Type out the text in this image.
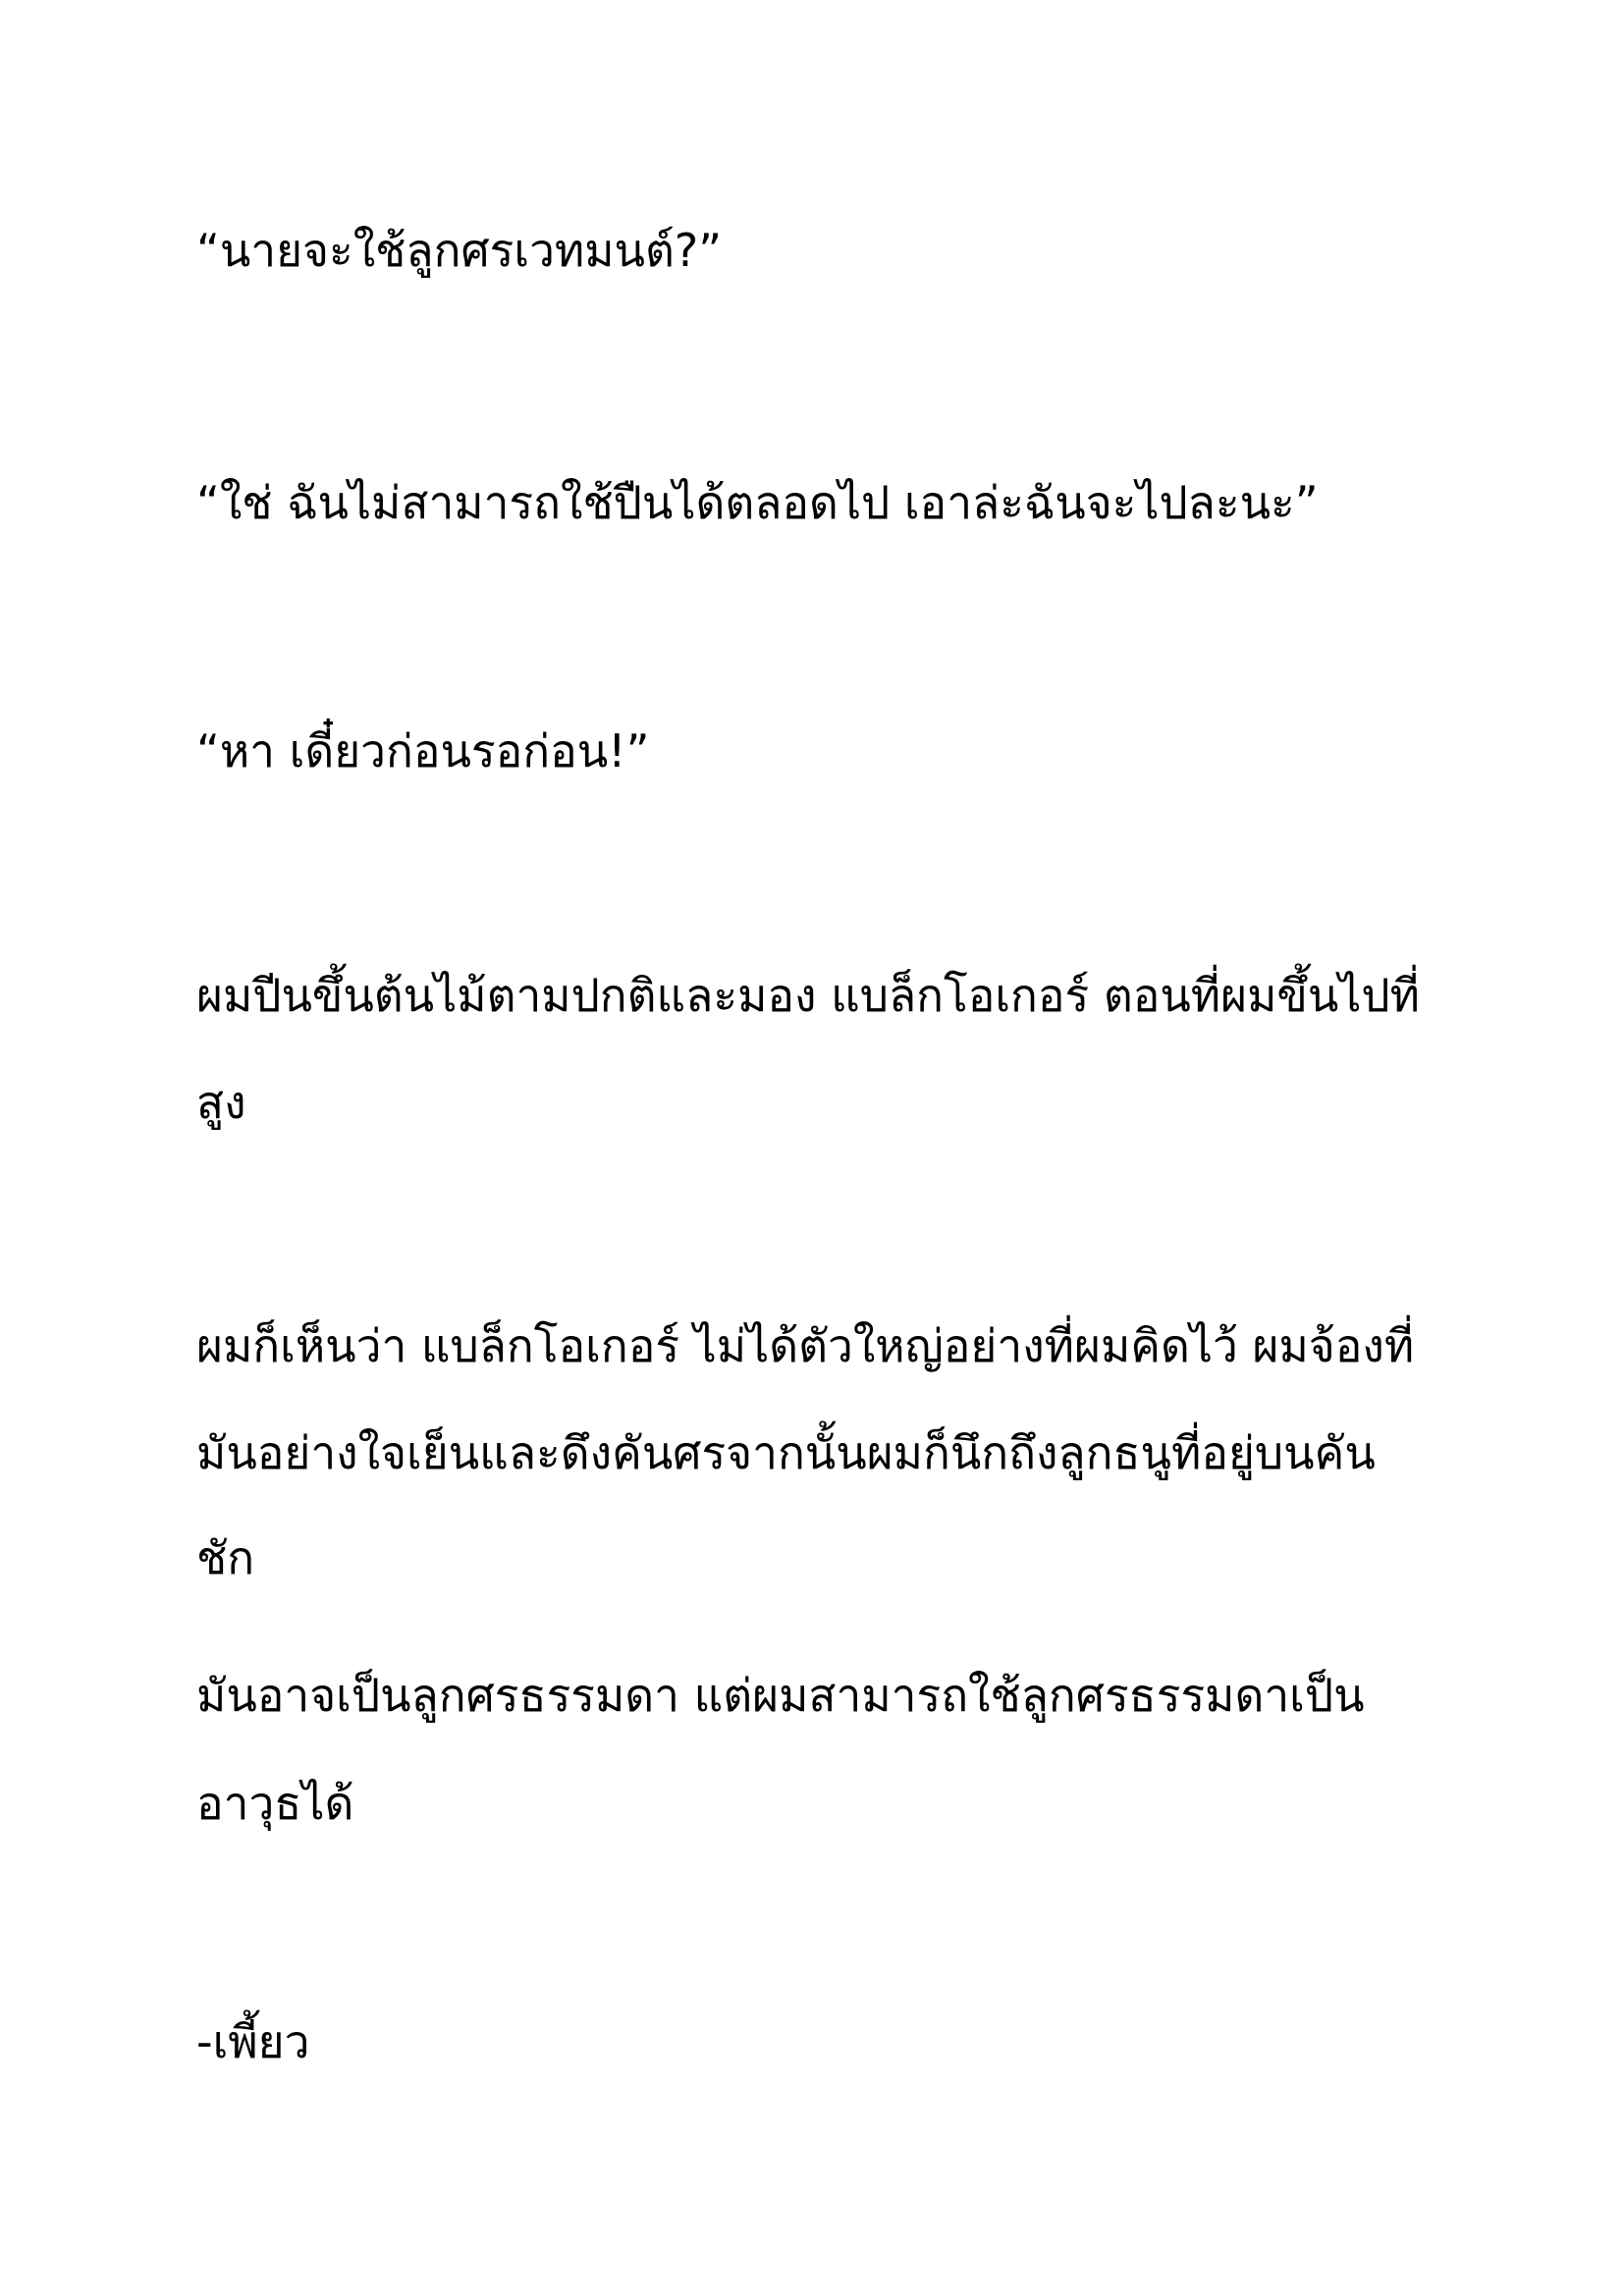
“นายจะใช้ลูกศรเวทมนต์?”
“ใช่ ฉันไม่สามารถใช้ปืนได้ตลอดไป เอาล่ะฉันจะไปละนะ”
“หา เดี๋ยวก่อนรอก่อน!”
ผมปีนขึ้นต้นไม้ตามปกติและมอง แบล็กโอเกอร์ ตอนที่ผมขึ้นไปที่
สูง
ผมก็เห็นว่า แบล็กโอเกอร์ ไม่ได้ตัวใหญ่อย่างที่ผมคิดไว้ ผมจ้องที่
มันอย่างใจเย็นและดึงคันศรจากนั้นผมก็นึกถึงลูกธนูที่อยู่บนคัน
ชัก
มันอาจเป็นลูกศรธรรมดา แต่ผมสามารถใช้ลูกศรธรรมดาเป็น
อาวุธได้
-เพี้ยว
